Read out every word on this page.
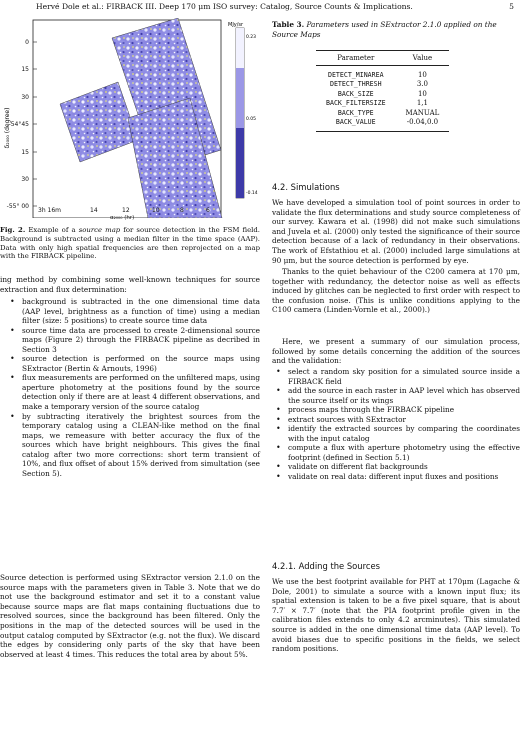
Hervé Dole et al.: FIRBACK III. Deep 170 μm ISO survey: Catalog, Source Counts & Implications.	5
0
15
30
-54°45
15
30
-55° 00
δ₂₀₀₀ (degree)
MJy/sr
0.23
0.05
-0.14
3h 16m	14	12	10	8	6
α₂₀₀₀ (hr)
Fig. 2. Example of a source map for source detection in the FSM field. Background is subtracted using a median filter in the time space (AAP). Data with only high spatial frequencies are then reprojected on a map with the FIRBACK pipeline.
ing method by combining some well-known techniques for source extraction and flux determination:
• background is subtracted in the one dimensional time data (AAP level, brightness as a function of time) using a median filter (size: 5 positions) to create source time data
• source time data are processed to create 2-dimensional source maps (Figure 2) through the FIRBACK pipeline as decribed in Section 3
• source detection is performed on the source maps using SExtractor (Bertin & Arnouts, 1996)
• flux measurements are performed on the unfiltered maps, using aperture photometry at the positions found by the source detection only if there are at least 4 different observations, and make a temporary version of the source catalog
• by subtracting iteratively the brightest sources from the temporary catalog using a CLEAN-like method on the final maps, we remeasure with better accuracy the flux of the sources which have bright neighbours. This gives the final catalog after two more corrections: short term transient of 10%, and flux offset of about 15% derived from simultation (see Section 5).
Source detection is performed using SExtractor version 2.1.0 on the source maps with the parameters given in Table 3. Note that we do not use the background estimator and set it to a constant value because source maps are flat maps containing fluctuations due to resolved sources, since the background has been filtered. Only the positions in the map of the detected sources will be used in the output catalog computed by SExtractor (e.g. not the flux). We discard the edges by considering only parts of the sky that have been observed at least 4 times. This reduces the total area by about 5%.
Table 3. Parameters used in SExtractor 2.1.0 applied on the Source Maps
Parameter	Value
DETECT_MINAREA	10
DETECT_THRESH	3.0
BACK_SIZE	10
BACK_FILTERSIZE	1,1
BACK_TYPE	MANUAL
BACK_VALUE	-0.04,0.0
4.2. Simulations
We have developed a simulation tool of point sources in order to validate the flux determinations and study source completeness of our survey. Kawara et al. (1998) did not make such simulations and Juvela et al. (2000) only tested the significance of their source detection because of a lack of redundancy in their observations. The work of Efstathiou et al. (2000) included large simulations at 90 μm, but the source detection is performed by eye.
Thanks to the quiet behaviour of the C200 camera at 170 μm, together with redundancy, the detector noise as well as effects induced by glitches can be neglected to first order with respect to the confusion noise. (This is unlike conditions applying to the C100 camera (Linden-Vornle et al., 2000).)
Here, we present a summary of our simulation process, followed by some details concerning the addition of the sources and the validation:
• select a random sky position for a simulated source inside a FIRBACK field
• add the source in each raster in AAP level which has observed the source itself or its wings
• process maps through the FIRBACK pipeline
• extract sources with SExtractor
• identify the extracted sources by comparing the coordinates with the input catalog
• compute a flux with aperture photometry using the effective footprint (defined in Section 5.1)
• validate on different flat backgrounds
• validate on real data: different input fluxes and positions
4.2.1. Adding the Sources
We use the best footprint available for PHT at 170μm (Lagache & Dole, 2001) to simulate a source with a known input flux; its spatial extension is taken to be a five pixel square, that is about 7.7′ × 7.7′ (note that the PIA footprint profile given in the calibration files extends to only 4.2 arcminutes). This simulated source is added in the one dimensional time data (AAP level). To avoid biases due to specific positions in the fields, we select random positions.
